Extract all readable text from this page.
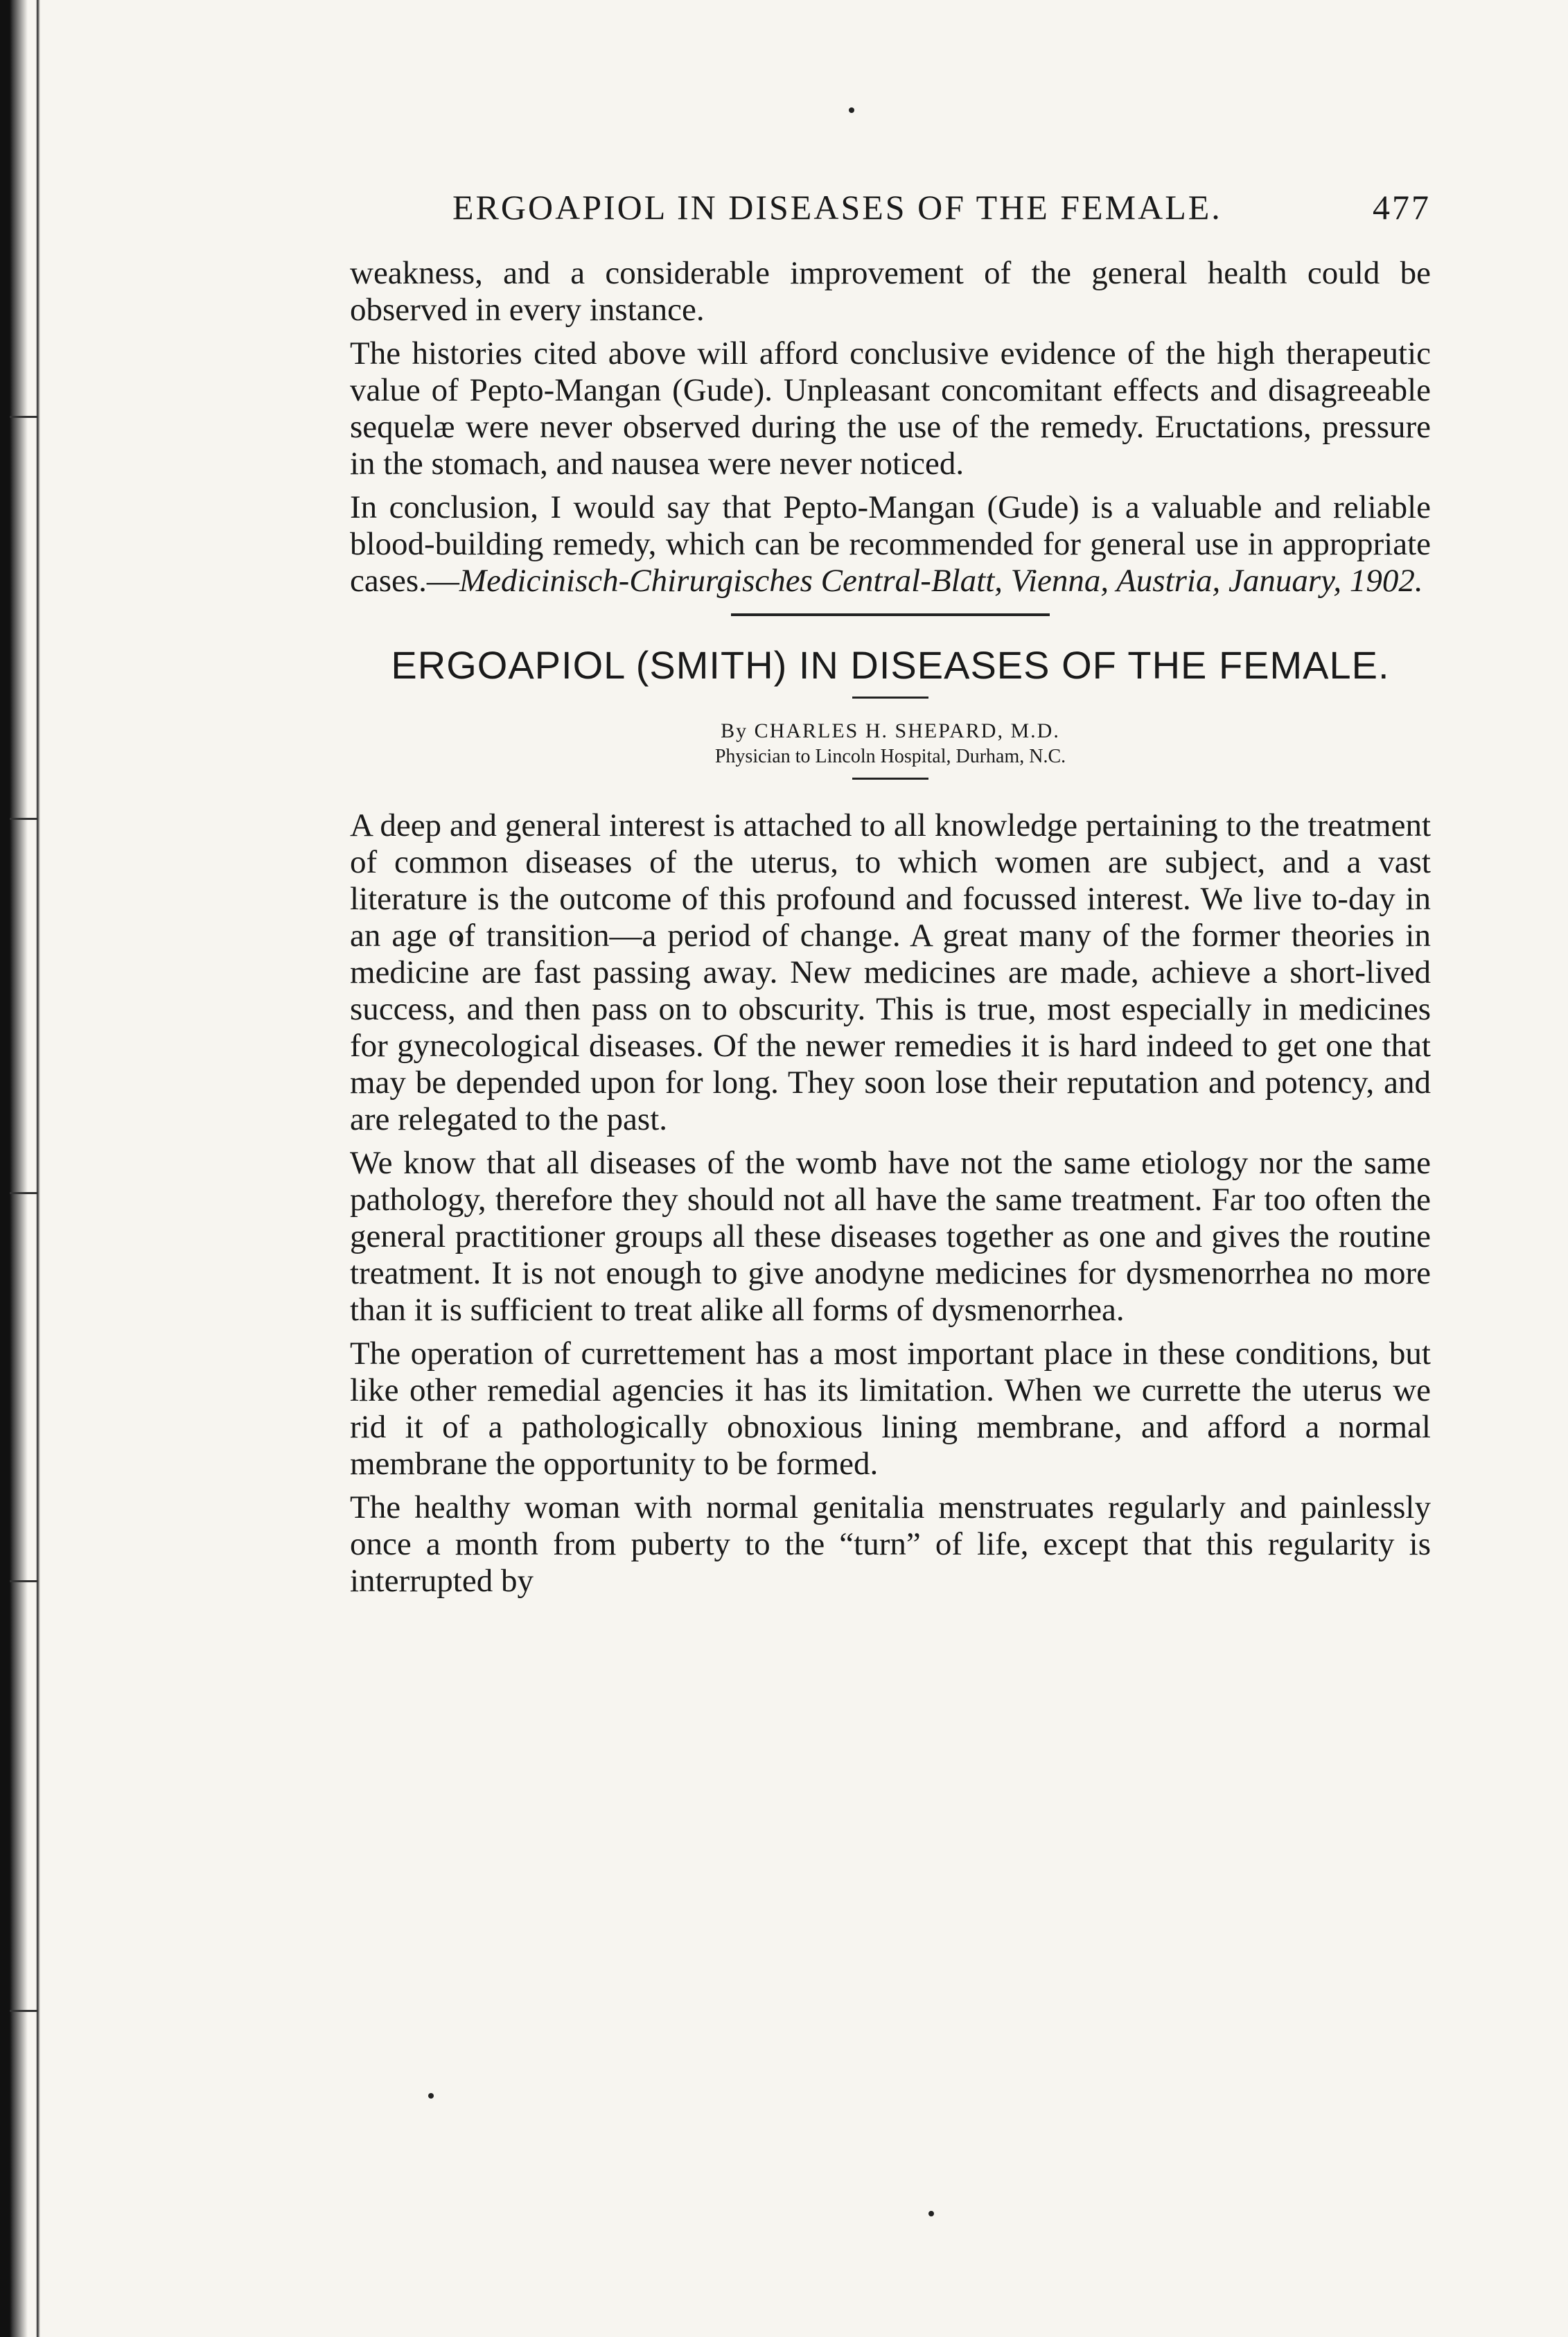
ERGOAPIOL IN DISEASES OF THE FEMALE.	477

weakness, and a considerable improvement of the general health could be observed in every instance.

The histories cited above will afford conclusive evidence of the high therapeutic value of Pepto-Mangan (Gude). Unpleasant concomitant effects and disagreeable sequelæ were never observed during the use of the remedy. Eructations, pressure in the stomach, and nausea were never noticed.

In conclusion, I would say that Pepto-Mangan (Gude) is a valuable and reliable blood-building remedy, which can be recommended for general use in appropriate cases.—Medicinisch-Chirurgisches Central-Blatt, Vienna, Austria, January, 1902.

ERGOAPIOL (SMITH) IN DISEASES OF THE FEMALE.

By CHARLES H. SHEPARD, M.D.

Physician to Lincoln Hospital, Durham, N.C.

A deep and general interest is attached to all knowledge pertaining to the treatment of common diseases of the uterus, to which women are subject, and a vast literature is the outcome of this profound and focussed interest. We live to-day in an age of transition—a period of change. A great many of the former theories in medicine are fast passing away. New medicines are made, achieve a short-lived success, and then pass on to obscurity. This is true, most especially in medicines for gynecological diseases. Of the newer remedies it is hard indeed to get one that may be depended upon for long. They soon lose their reputation and potency, and are relegated to the past.

We know that all diseases of the womb have not the same etiology nor the same pathology, therefore they should not all have the same treatment. Far too often the general practitioner groups all these diseases together as one and gives the routine treatment. It is not enough to give anodyne medicines for dysmenorrhea no more than it is sufficient to treat alike all forms of dysmenorrhea.

The operation of currettement has a most important place in these conditions, but like other remedial agencies it has its limitation. When we currette the uterus we rid it of a pathologically obnoxious lining membrane, and afford a normal membrane the opportunity to be formed.

The healthy woman with normal genitalia menstruates regularly and painlessly once a month from puberty to the “turn” of life, except that this regularity is interrupted by
